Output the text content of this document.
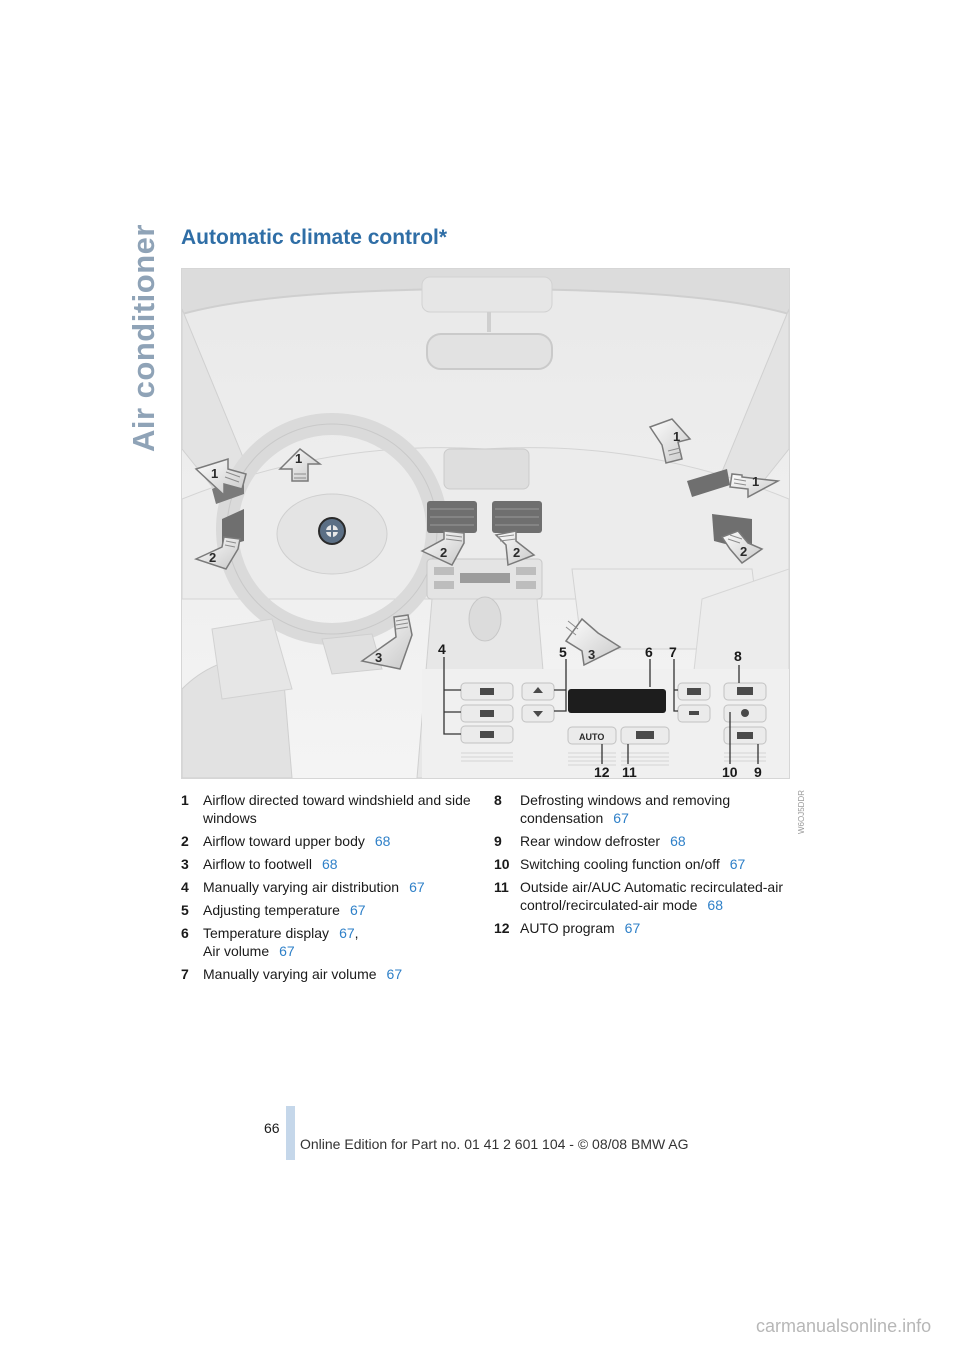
Air conditioner Automatic climate control*
1
1
1
1
2	2	2	2
3	3
AUTO
4	5	6 7	8
12 11	10 9
W6OJ5DDR
1 Airflow directed toward windshield and side windows
2 Airflow toward upper body 68
3 Airflow to footwell 68
4 Manually varying air distribution 67
5 Adjusting temperature 67
6 Temperature display 67,
Air volume 67
7 Manually varying air volume 67
8 Defrosting windows and removing condensation 67
9 Rear window defroster 68
10 Switching cooling function on/off 67
11 Outside air/AUC Automatic recirculated-air control/recirculated-air mode 68
12 AUTO program 67
66
Online Edition for Part no. 01 41 2 601 104 - © 08/08 BMW AG
carmanualsonline.info
